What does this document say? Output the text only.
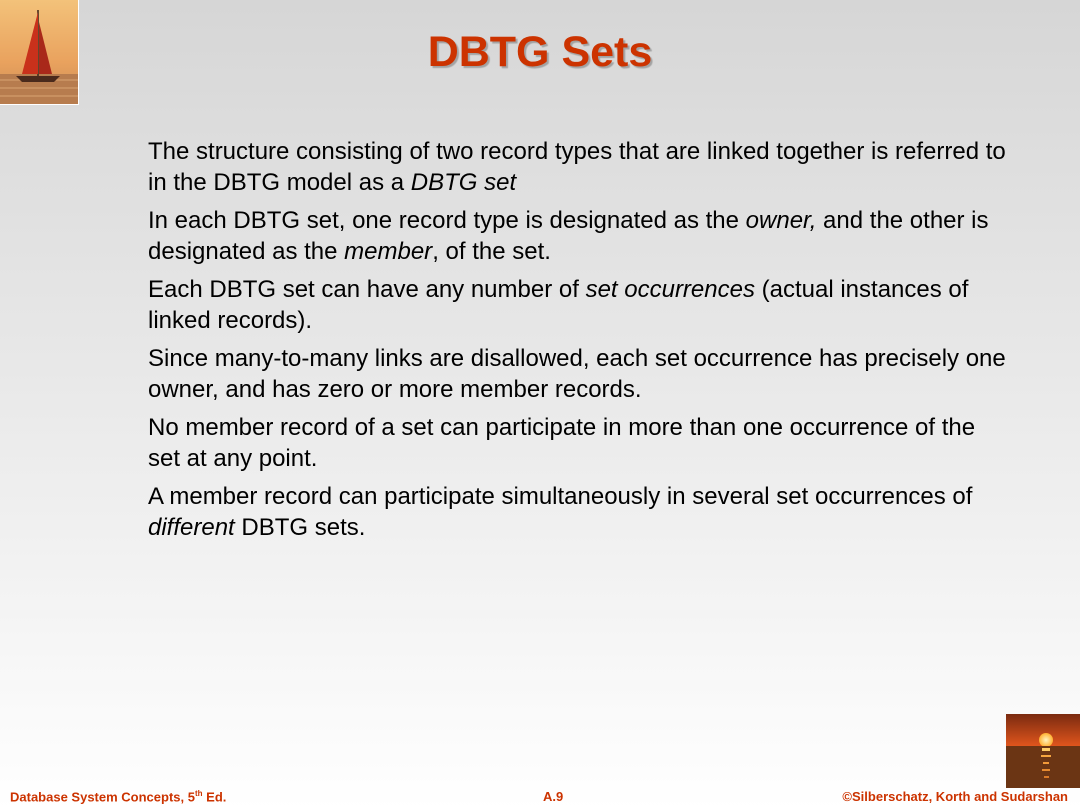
DBTG Sets

The structure consisting of two record types that are linked together is referred to in the DBTG model as a DBTG set

In each DBTG set, one record type is designated as the owner, and the other is designated as the member, of the set.

Each DBTG set can have any number of set occurrences (actual instances of linked records).

Since many-to-many links are disallowed, each set occurrence has precisely one owner, and has zero or more member records.

No member record of a set can participate in more than one occurrence of the set at any point.

A member record can participate simultaneously in several set occurrences of different DBTG sets.

Database System Concepts, 5th Ed.	A.9	©Silberschatz, Korth and Sudarshan
